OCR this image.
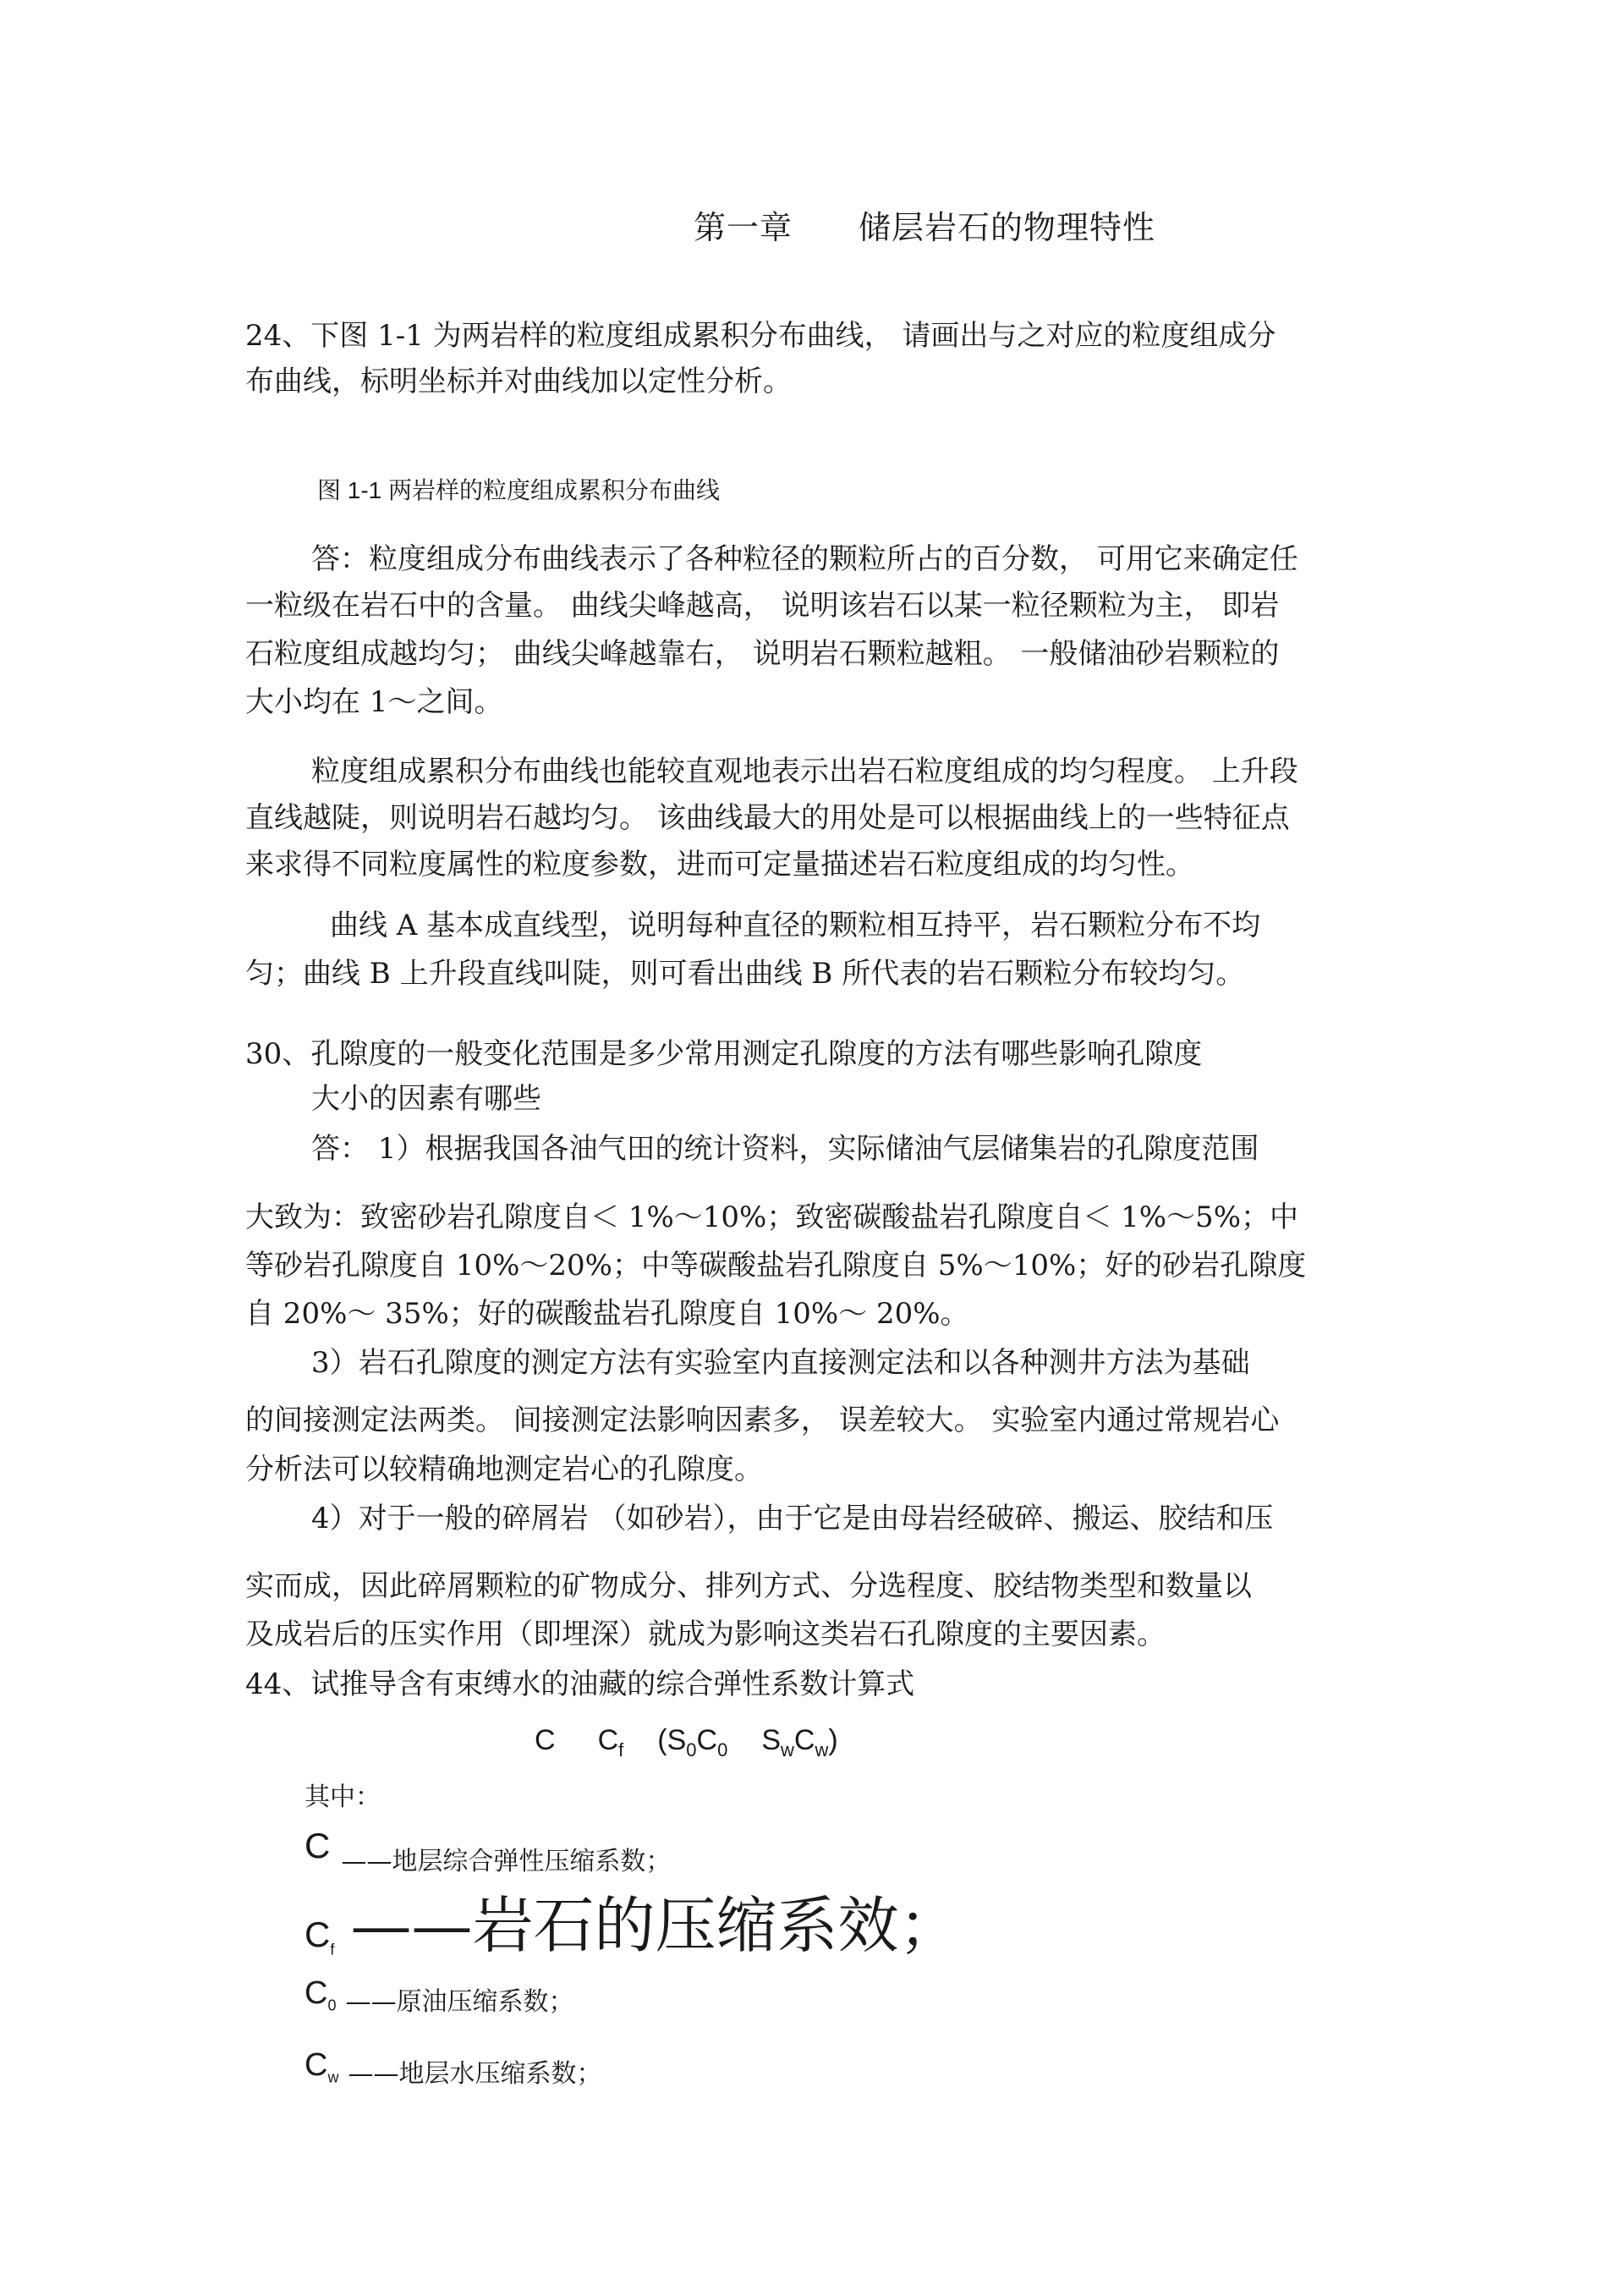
第一章　　储层岩石的物理特性
24、下图 1-1 为两岩样的粒度组成累积分布曲线， 请画出与之对应的粒度组成分
布曲线，标明坐标并对曲线加以定性分析。
图 1-1 两岩样的粒度组成累积分布曲线
答：粒度组成分布曲线表示了各种粒径的颗粒所占的百分数， 可用它来确定任
一粒级在岩石中的含量。 曲线尖峰越高， 说明该岩石以某一粒径颗粒为主， 即岩
石粒度组成越均匀； 曲线尖峰越靠右， 说明岩石颗粒越粗。 一般储油砂岩颗粒的
大小均在 1～之间。
粒度组成累积分布曲线也能较直观地表示出岩石粒度组成的均匀程度。 上升段
直线越陡，则说明岩石越均匀。 该曲线最大的用处是可以根据曲线上的一些特征点
来求得不同粒度属性的粒度参数，进而可定量描述岩石粒度组成的均匀性。
曲线 A 基本成直线型，说明每种直径的颗粒相互持平，岩石颗粒分布不均
匀；曲线 B 上升段直线叫陡，则可看出曲线 B 所代表的岩石颗粒分布较均匀。
30、孔隙度的一般变化范围是多少常用测定孔隙度的方法有哪些影响孔隙度
大小的因素有哪些
答： 1）根据我国各油气田的统计资料，实际储油气层储集岩的孔隙度范围
大致为：致密砂岩孔隙度自＜ 1%～10%；致密碳酸盐岩孔隙度自＜ 1%～5%；中
等砂岩孔隙度自 10%～20%；中等碳酸盐岩孔隙度自 5%～10%；好的砂岩孔隙度
自 20%～ 35%；好的碳酸盐岩孔隙度自 10%～ 20%。
3）岩石孔隙度的测定方法有实验室内直接测定法和以各种测井方法为基础
的间接测定法两类。 间接测定法影响因素多， 误差较大。 实验室内通过常规岩心
分析法可以较精确地测定岩心的孔隙度。
4）对于一般的碎屑岩 （如砂岩），由于它是由母岩经破碎、搬运、胶结和压
实而成，因此碎屑颗粒的矿物成分、排列方式、分选程度、胶结物类型和数量以
及成岩后的压实作用（即埋深）就成为影响这类岩石孔隙度的主要因素。
44、试推导含有束缚水的油藏的综合弹性系数计算式
C $C_f$ ($S_0C_0$ $S_wC_w$)
其中：
C ——地层综合弹性压缩系数；
$C_f$ ——岩石的压缩系效；
$C_0$ ——原油压缩系数；
$C_w$ ——地层水压缩系数；
